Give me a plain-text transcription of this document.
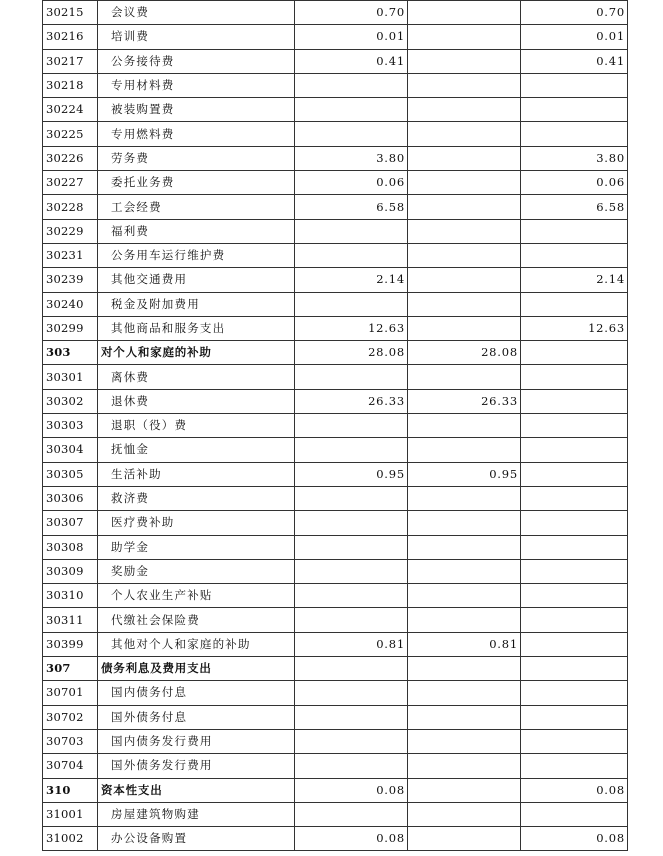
30215	会议费	0.70		0.70
30216	培训费	0.01		0.01
30217	公务接待费	0.41		0.41
30218	专用材料费			
30224	被装购置费			
30225	专用燃料费			
30226	劳务费	3.80		3.80
30227	委托业务费	0.06		0.06
30228	工会经费	6.58		6.58
30229	福利费			
30231	公务用车运行维护费			
30239	其他交通费用	2.14		2.14
30240	税金及附加费用			
30299	其他商品和服务支出	12.63		12.63
303	对个人和家庭的补助	28.08	28.08	
30301	离休费			
30302	退休费	26.33	26.33	
30303	退职（役）费			
30304	抚恤金			
30305	生活补助	0.95	0.95	
30306	救济费			
30307	医疗费补助			
30308	助学金			
30309	奖励金			
30310	个人农业生产补贴			
30311	代缴社会保险费			
30399	其他对个人和家庭的补助	0.81	0.81	
307	债务利息及费用支出			
30701	国内债务付息			
30702	国外债务付息			
30703	国内债务发行费用			
30704	国外债务发行费用			
310	资本性支出	0.08		0.08
31001	房屋建筑物购建			
31002	办公设备购置	0.08		0.08
